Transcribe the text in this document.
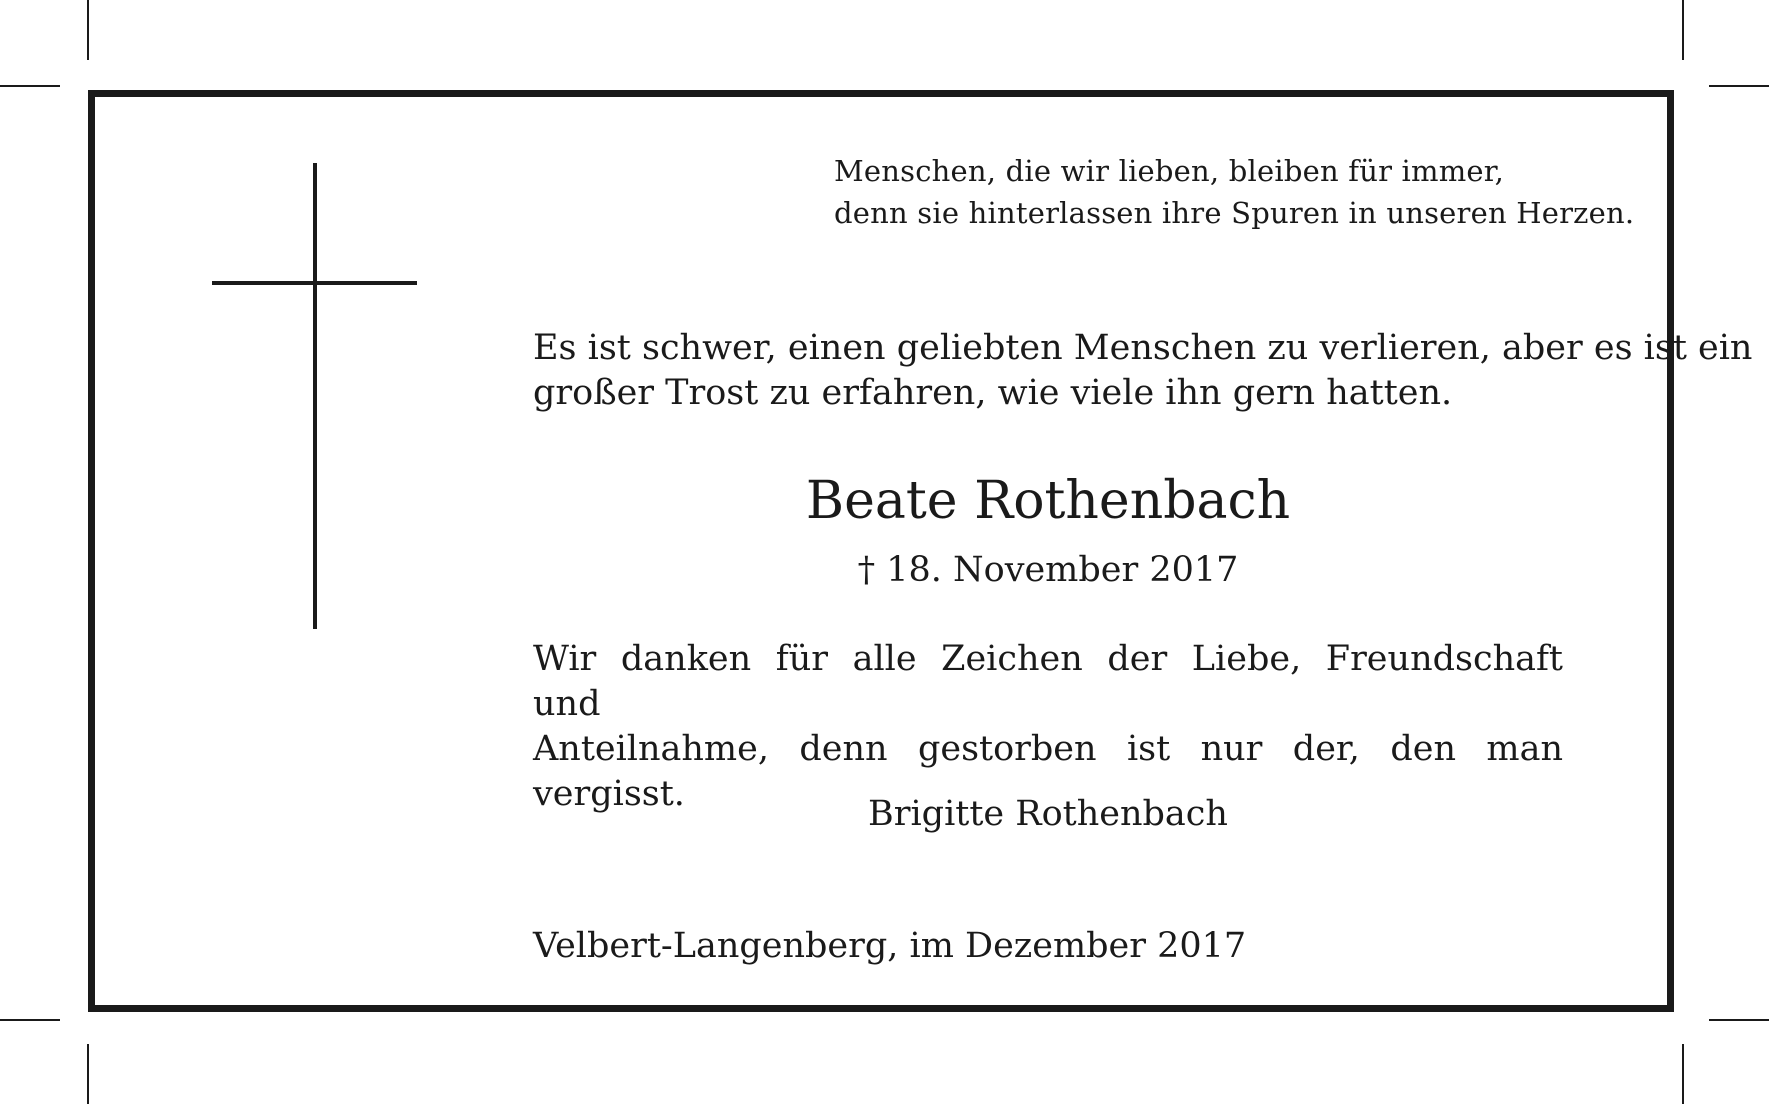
Menschen, die wir lieben, bleiben für immer,
denn sie hinterlassen ihre Spuren in unseren Herzen.
Es ist schwer, einen geliebten Menschen zu verlieren, aber es ist ein
großer Trost zu erfahren, wie viele ihn gern hatten.
Beate Rothenbach
† 18. November 2017
Wir danken für alle Zeichen der Liebe, Freundschaft und
Anteilnahme, denn gestorben ist nur der, den man vergisst.	Brigitte Rothenbach
Velbert-Langenberg, im Dezember 2017
